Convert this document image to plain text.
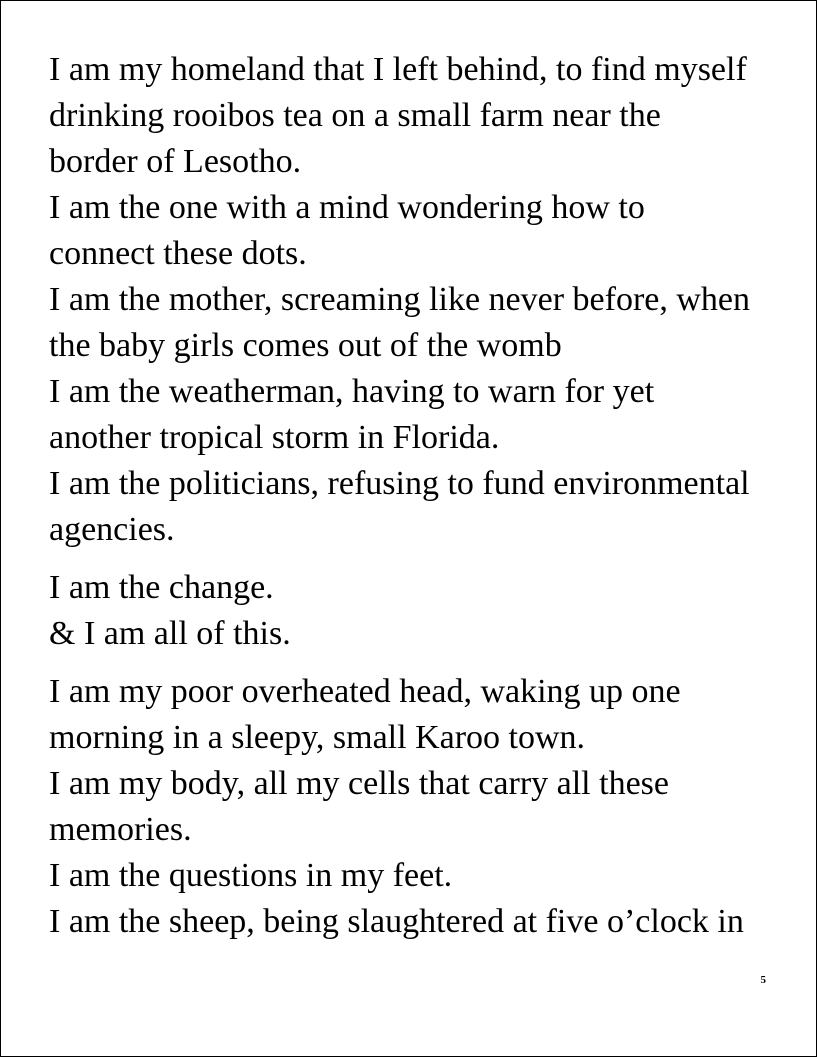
I am my homeland that I left behind, to find myself
drinking rooibos tea on a small farm near the
border of Lesotho.
I am the one with a mind wondering how to
connect these dots.
I am the mother, screaming like never before, when
the baby girls comes out of the womb
I am the weatherman, having to warn for yet
another tropical storm in Florida.
I am the politicians, refusing to fund environmental
agencies.

I am the change.
& I am all of this.

I am my poor overheated head, waking up one
morning in a sleepy, small Karoo town.
I am my body, all my cells that carry all these
memories.
I am the questions in my feet.
I am the sheep, being slaughtered at five o’clock in

5
